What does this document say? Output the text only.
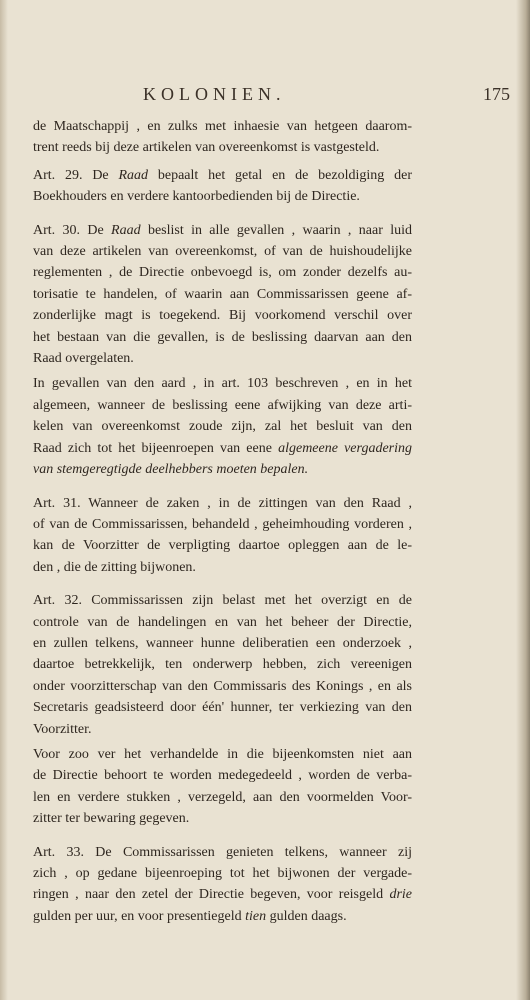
KOLONIEN.	175

de Maatschappij , en zulks met inhaesie van hetgeen daarom-
trent reeds bij deze artikelen van overeenkomst is vastgesteld.

Art. 29. De Raad bepaalt het getal en de bezoldiging der
Boekhouders en verdere kantoorbedienden bij de Directie.

Art. 30. De Raad beslist in alle gevallen , waarin , naar luid
van deze artikelen van overeenkomst, of van de huishoudelijke
reglementen , de Directie onbevoegd is, om zonder dezelfs au-
torisatie te handelen, of waarin aan Commissarissen geene af-
zonderlijke magt is toegekend. Bij voorkomend verschil over
het bestaan van die gevallen, is de beslissing daarvan aan den
Raad overgelaten.

In gevallen van den aard , in art. 103 beschreven , en in het
algemeen, wanneer de beslissing eene afwijking van deze arti-
kelen van overeenkomst zoude zijn, zal het besluit van den
Raad zich tot het bijeenroepen van eene algemeene vergadering
van stemgeregtigde deelhebbers moeten bepalen.

Art. 31. Wanneer de zaken , in de zittingen van den Raad ,
of van de Commissarissen, behandeld , geheimhouding vorderen ,
kan de Voorzitter de verpligting daartoe opleggen aan de le-
den , die de zitting bijwonen.

Art. 32. Commissarissen zijn belast met het overzigt en de
controle van de handelingen en van het beheer der Directie,
en zullen telkens, wanneer hunne deliberatien een onderzoek ,
daartoe betrekkelijk, ten onderwerp hebben, zich vereenigen
onder voorzitterschap van den Commissaris des Konings , en als
Secretaris geadsisteerd door één' hunner, ter verkiezing van den
Voorzitter.

Voor zoo ver het verhandelde in die bijeenkomsten niet aan
de Directie behoort te worden medegedeeld , worden de verba-
len en verdere stukken , verzegeld, aan den voormelden Voor-
zitter ter bewaring gegeven.

Art. 33. De Commissarissen genieten telkens, wanneer zij
zich , op gedane bijeenroeping tot het bijwonen der vergade-
ringen , naar den zetel der Directie begeven, voor reisgeld drie
gulden per uur, en voor presentiegeld tien gulden daags.
